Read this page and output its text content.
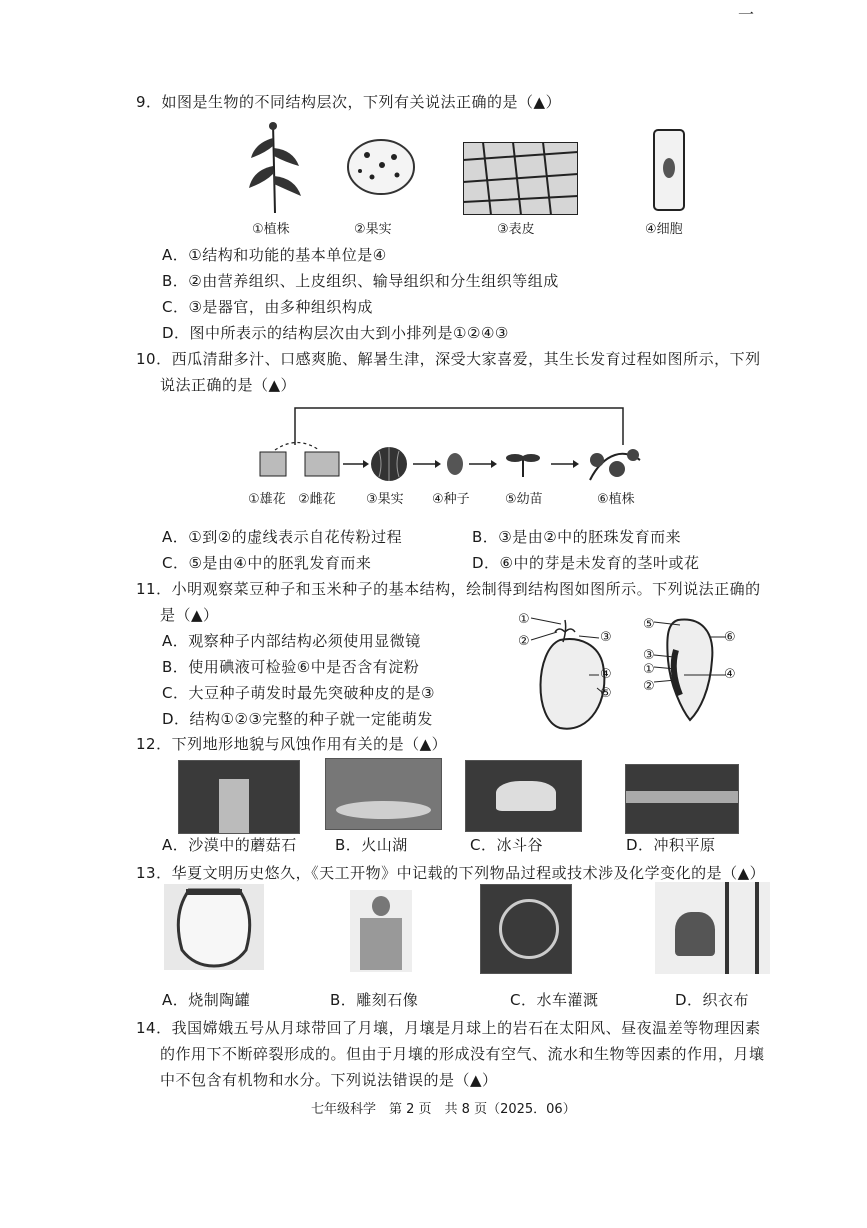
一
9．如图是生物的不同结构层次，下列有关说法正确的是（▲）
①植株	②果实	③表皮	④细胞
A．①结构和功能的基本单位是④
B．②由营养组织、上皮组织、输导组织和分生组织等组成
C．③是器官，由多种组织构成
D．图中所表示的结构层次由大到小排列是①②④③
10．西瓜清甜多汁、口感爽脆、解暑生津，深受大家喜爱，其生长发育过程如图所示，下列
说法正确的是（▲）
①雄花 ②雌花 ③果实 ④种子	⑤幼苗	⑥植株
A．①到②的虚线表示自花传粉过程	B．③是由②中的胚珠发育而来
C．⑤是由④中的胚乳发育而来	D．⑥中的芽是未发育的茎叶或花
11．小明观察菜豆种子和玉米种子的基本结构，绘制得到结构图如图所示。下列说法正确的
是（▲）
A．观察种子内部结构必须使用显微镜
B．使用碘液可检验⑥中是否含有淀粉
C．大豆种子萌发时最先突破种皮的是③
D．结构①②③完整的种子就一定能萌发
①
②	③
④
⑤
⑤
⑥
③
①
②
④
12．下列地形地貌与风蚀作用有关的是（▲）
A．沙漠中的蘑菇石	B．火山湖	C．冰斗谷	D．冲积平原
13．华夏文明历史悠久，《天工开物》中记载的下列物品过程或技术涉及化学变化的是（▲）
A．烧制陶罐	B．雕刻石像	C．水车灌溉	D．织衣布
14．我国嫦娥五号从月球带回了月壤，月壤是月球上的岩石在太阳风、昼夜温差等物理因素
的作用下不断碎裂形成的。但由于月壤的形成没有空气、流水和生物等因素的作用，月壤
中不包含有机物和水分。下列说法错误的是（▲）
七年级科学　第 2 页　共 8 页（2025．06）
